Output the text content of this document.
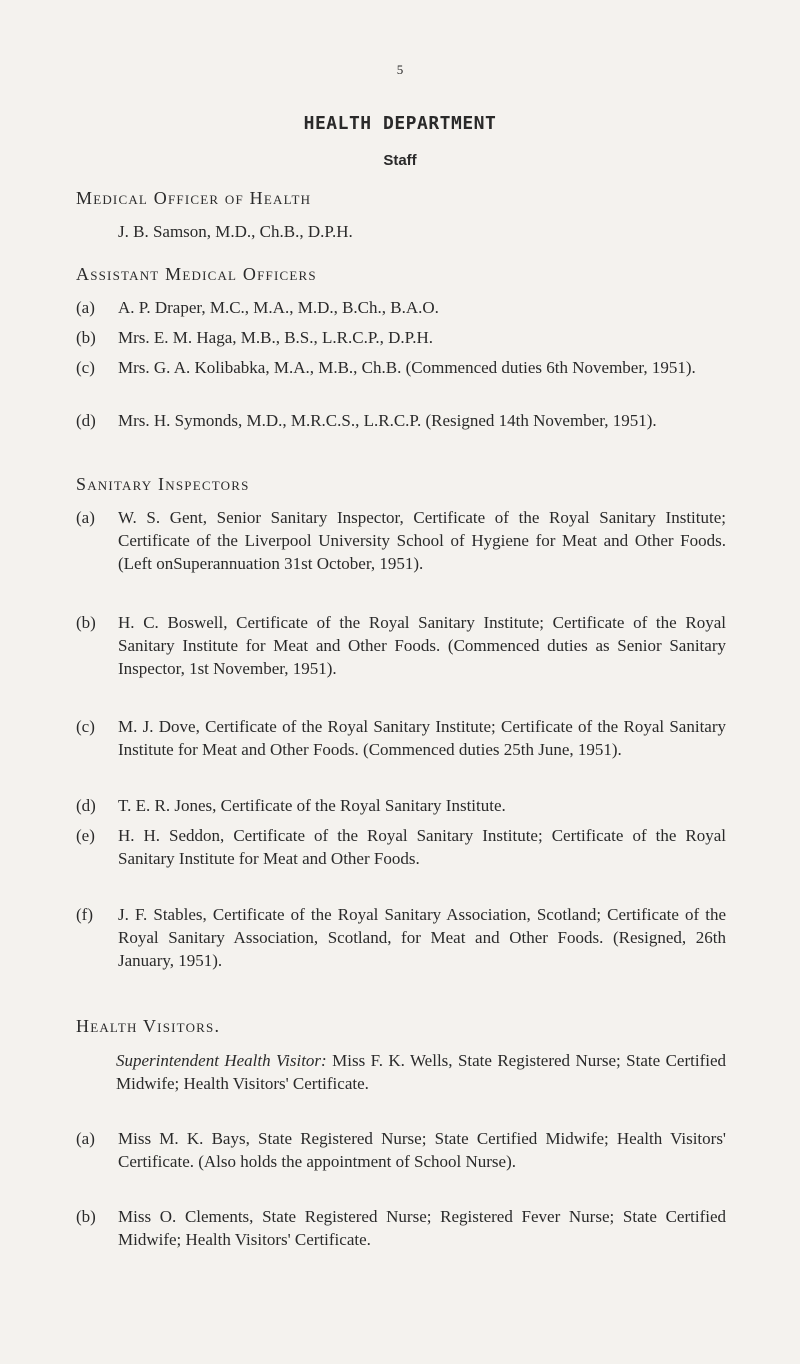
5
HEALTH DEPARTMENT
Staff
Medical Officer of Health
J. B. Samson, M.D., Ch.B., D.P.H.
Assistant Medical Officers
(a)	A. P. Draper, M.C., M.A., M.D., B.Ch., B.A.O.
(b)	Mrs. E. M. Haga, M.B., B.S., L.R.C.P., D.P.H.
(c)	Mrs. G. A. Kolibabka, M.A., M.B., Ch.B. (Commenced duties 6th November, 1951).
(d)	Mrs. H. Symonds, M.D., M.R.C.S., L.R.C.P. (Resigned 14th November, 1951).
Sanitary Inspectors
(a)	W. S. Gent, Senior Sanitary Inspector, Certificate of the Royal Sanitary Institute; Certificate of the Liverpool University School of Hygiene for Meat and Other Foods. (Left onSuperannuation 31st October, 1951).
(b)	H. C. Boswell, Certificate of the Royal Sanitary Institute; Certificate of the Royal Sanitary Institute for Meat and Other Foods. (Commenced duties as Senior Sanitary Inspector, 1st November, 1951).
(c)	M. J. Dove, Certificate of the Royal Sanitary Institute; Certificate of the Royal Sanitary Institute for Meat and Other Foods. (Commenced duties 25th June, 1951).
(d)	T. E. R. Jones, Certificate of the Royal Sanitary Institute.
(e)	H. H. Seddon, Certificate of the Royal Sanitary Institute; Certificate of the Royal Sanitary Institute for Meat and Other Foods.
(f)	J. F. Stables, Certificate of the Royal Sanitary Association, Scotland; Certificate of the Royal Sanitary Association, Scotland, for Meat and Other Foods. (Resigned, 26th January, 1951).
Health Visitors.
Superintendent Health Visitor: Miss F. K. Wells, State Registered Nurse; State Certified Midwife; Health Visitors' Certificate.
(a)	Miss M. K. Bays, State Registered Nurse; State Certified Midwife; Health Visitors' Certificate. (Also holds the appointment of School Nurse).
(b)	Miss O. Clements, State Registered Nurse; Registered Fever Nurse; State Certified Midwife; Health Visitors' Certificate.
